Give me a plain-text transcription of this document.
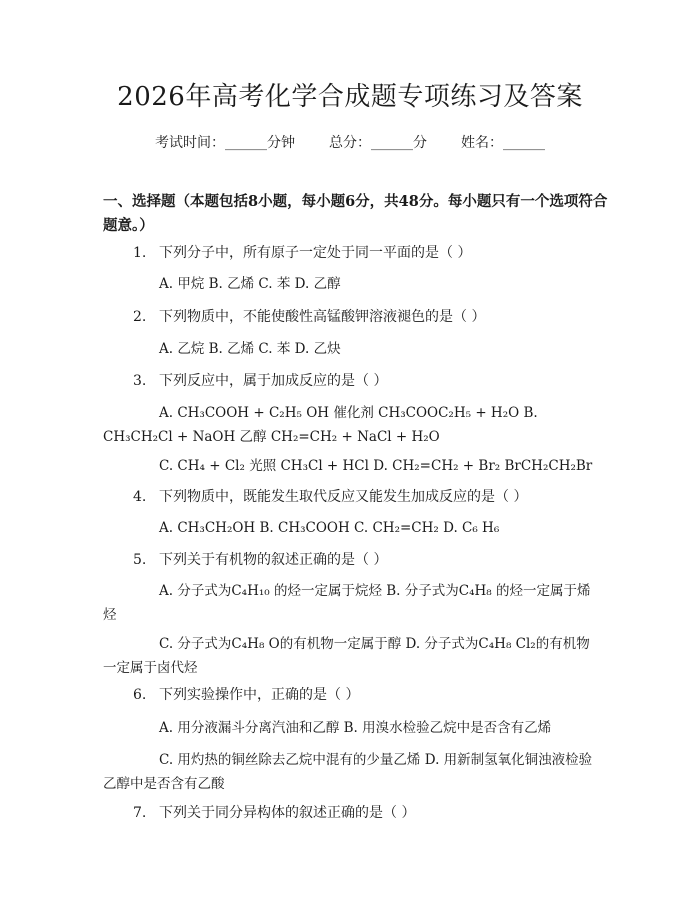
2026年高考化学合成题专项练习及答案
考试时间：______分钟 总分：______分 姓名：______
一、选择题（本题包括8小题，每小题6分，共48分。每小题只有一个选项符合题意。）
1. 下列分子中，所有原子一定处于同一平面的是（ ）
A. 甲烷 B. 乙烯 C. 苯 D. 乙醇
2. 下列物质中，不能使酸性高锰酸钾溶液褪色的是（ ）
A. 乙烷 B. 乙烯 C. 苯 D. 乙炔
3. 下列反应中，属于加成反应的是（ ）
A. CH₃COOH + C₂H₅ OH 催化剂 CH₃COOC₂H₅ + H₂O B. CH₃CH₂Cl + NaOH 乙醇 CH₂=CH₂ + NaCl + H₂O
C. CH₄ + Cl₂ 光照 CH₃Cl + HCl D. CH₂=CH₂ + Br₂ BrCH₂CH₂Br
4. 下列物质中，既能发生取代反应又能发生加成反应的是（ ）
A. CH₃CH₂OH B. CH₃COOH C. CH₂=CH₂ D. C₆ H₆
5. 下列关于有机物的叙述正确的是（ ）
A. 分子式为C₄H₁₀ 的烃一定属于烷烃 B. 分子式为C₄H₈ 的烃一定属于烯烃
C. 分子式为C₄H₈ O的有机物一定属于醇 D. 分子式为C₄H₈ Cl₂的有机物一定属于卤代烃
6. 下列实验操作中，正确的是（ ）
A. 用分液漏斗分离汽油和乙醇 B. 用溴水检验乙烷中是否含有乙烯
C. 用灼热的铜丝除去乙烷中混有的少量乙烯 D. 用新制氢氧化铜浊液检验乙醇中是否含有乙酸
7. 下列关于同分异构体的叙述正确的是（ ）
